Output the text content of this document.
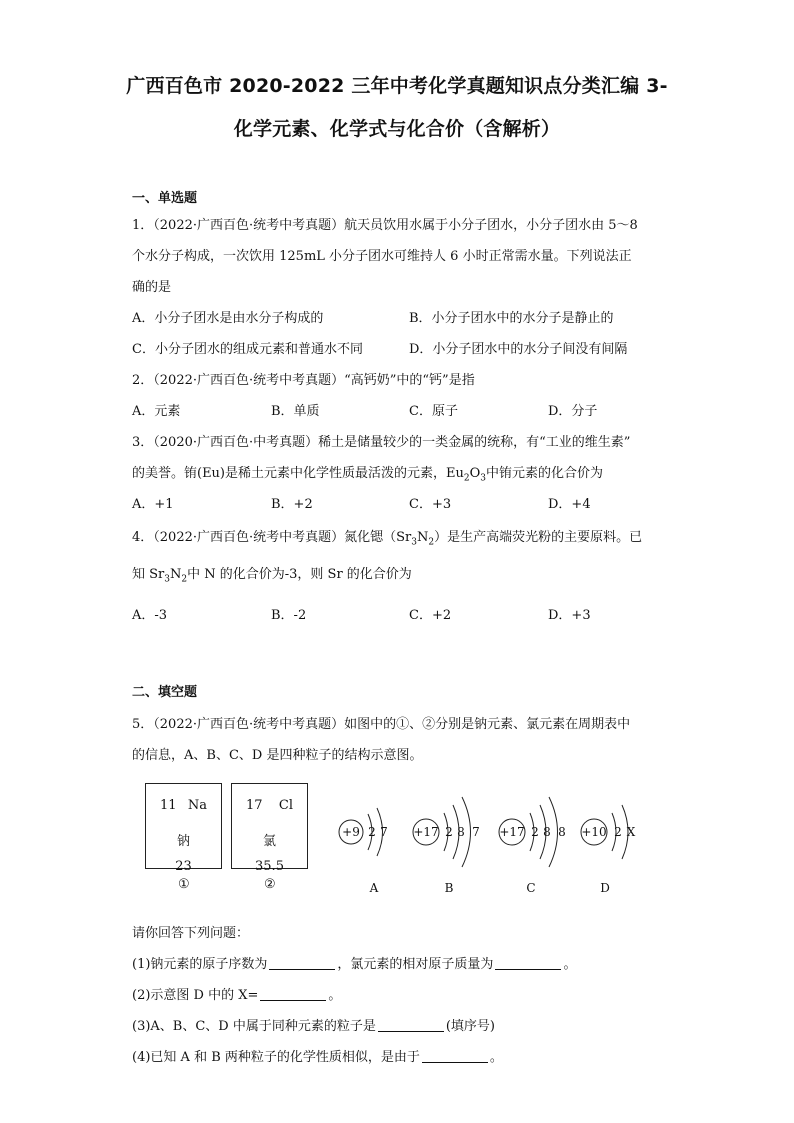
广西百色市 2020-2022 三年中考化学真题知识点分类汇编 3-
化学元素、化学式与化合价（含解析）
一、单选题
1．（2022·广西百色·统考中考真题）航天员饮用水属于小分子团水，小分子团水由 5～8
个水分子构成，一次饮用 125mL 小分子团水可维持人 6 小时正常需水量。下列说法正
确的是
A．小分子团水是由水分子构成的	B．小分子团水中的水分子是静止的
C．小分子团水的组成元素和普通水不同	D．小分子团水中的水分子间没有间隔
2．（2022·广西百色·统考中考真题）“高钙奶”中的“钙”是指
A．元素	B．单质	C．原子	D．分子
3．（2020·广西百色·中考真题）稀土是储量较少的一类金属的统称，有“工业的维生素”
的美誉。铕(Eu)是稀土元素中化学性质最活泼的元素，$Eu_2O_3$中铕元素的化合价为
A．+1	B．+2	C．+3	D．+4
4．（2022·广西百色·统考中考真题）氮化锶$(Sr_3N_2)$是生产高端荧光粉的主要原料。已
知 $Sr_3N_2$中 N 的化合价为-3，则 Sr 的化合价为
A．-3	B．-2	C．+2	D．+3
二、填空题
5．（2022·广西百色·统考中考真题）如图中的①、②分别是钠元素、氯元素在周期表中
的信息，A、B、C、D 是四种粒子的结构示意图。
11 Na
钠
23
①
17 Cl
氯
35.5
②
+9 2 7
A
+17 2 8 7
B
+17 2 8 8
C
+10 2 X
D
请你回答下列问题：
(1)钠元素的原子序数为	，氯元素的相对原子质量为	。
(2)示意图 D 中的 X=	。
(3)A、B、C、D 中属于同种元素的粒子是	(填序号)
(4)已知 A 和 B 两种粒子的化学性质相似，是由于	。
